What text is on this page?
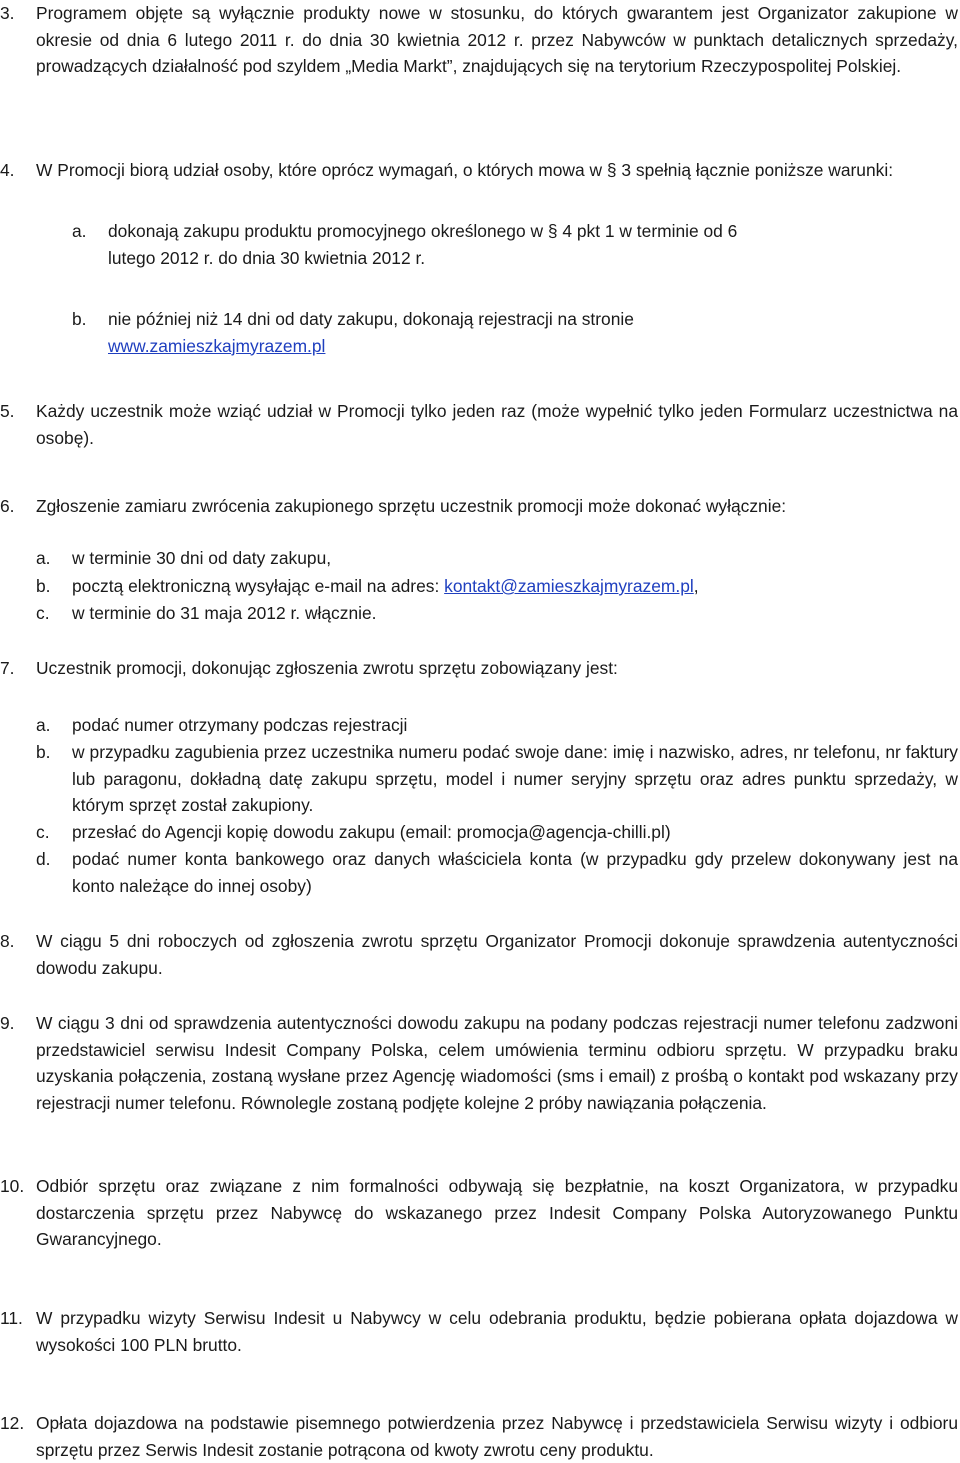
3.	Programem objęte są wyłącznie produkty nowe w stosunku, do których gwarantem jest Organizator zakupione w okresie od dnia 6 lutego 2011 r. do dnia 30 kwietnia 2012 r. przez Nabywców w punktach detalicznych sprzedaży, prowadzących działalność pod szyldem „Media Markt”, znajdujących się na terytorium Rzeczypospolitej Polskiej.
4.	W Promocji biorą udział osoby, które oprócz wymagań, o których mowa w § 3 spełnią łącznie poniższe warunki:
a.	dokonają zakupu produktu promocyjnego określonego w § 4 pkt 1 w terminie od 6 lutego 2012 r. do dnia 30 kwietnia 2012 r.
b.	nie później niż 14 dni od daty zakupu, dokonają rejestracji na stronie
www.zamieszkajmyrazem.pl
5.	Każdy uczestnik może wziąć udział w Promocji tylko jeden raz (może wypełnić tylko jeden Formularz uczestnictwa na osobę).
6.	Zgłoszenie zamiaru zwrócenia zakupionego sprzętu uczestnik promocji może dokonać wyłącznie:
a.	w terminie 30 dni od daty zakupu,
b.	pocztą elektroniczną wysyłając e-mail na adres: kontakt@zamieszkajmyrazem.pl,
c.	w terminie do 31 maja 2012 r. włącznie.
7.	Uczestnik promocji, dokonując zgłoszenia zwrotu sprzętu zobowiązany jest:
a.	podać numer otrzymany podczas rejestracji
b.	w przypadku zagubienia przez uczestnika numeru podać swoje dane: imię i nazwisko, adres, nr telefonu, nr faktury lub paragonu, dokładną datę zakupu sprzętu, model i numer seryjny sprzętu oraz adres punktu sprzedaży, w którym sprzęt został zakupiony.
c.	przesłać do Agencji kopię dowodu zakupu (email: promocja@agencja-chilli.pl)
d.	podać numer konta bankowego oraz danych właściciela konta (w przypadku gdy przelew dokonywany jest na konto należące do innej osoby)
8.	W ciągu 5 dni roboczych od zgłoszenia zwrotu sprzętu Organizator Promocji dokonuje sprawdzenia autentyczności dowodu zakupu.
9.	W ciągu 3 dni od sprawdzenia autentyczności dowodu zakupu na podany podczas rejestracji numer telefonu zadzwoni przedstawiciel serwisu Indesit Company Polska, celem umówienia terminu odbioru sprzętu. W przypadku braku uzyskania połączenia, zostaną wysłane przez Agencję wiadomości (sms i email) z prośbą o kontakt pod wskazany przy rejestracji numer telefonu. Równolegle zostaną podjęte kolejne 2 próby nawiązania połączenia.
10. Odbiór sprzętu oraz związane z nim formalności odbywają się bezpłatnie, na koszt Organizatora, w przypadku dostarczenia sprzętu przez Nabywcę do wskazanego przez Indesit Company Polska Autoryzowanego Punktu Gwarancyjnego.
11. W przypadku wizyty Serwisu Indesit u Nabywcy w celu odebrania produktu, będzie pobierana opłata dojazdowa w wysokości 100 PLN brutto.
12. Opłata dojazdowa na podstawie pisemnego potwierdzenia przez Nabywcę i przedstawiciela Serwisu wizyty i odbioru sprzętu przez Serwis Indesit zostanie potrącona od kwoty zwrotu ceny produktu.
